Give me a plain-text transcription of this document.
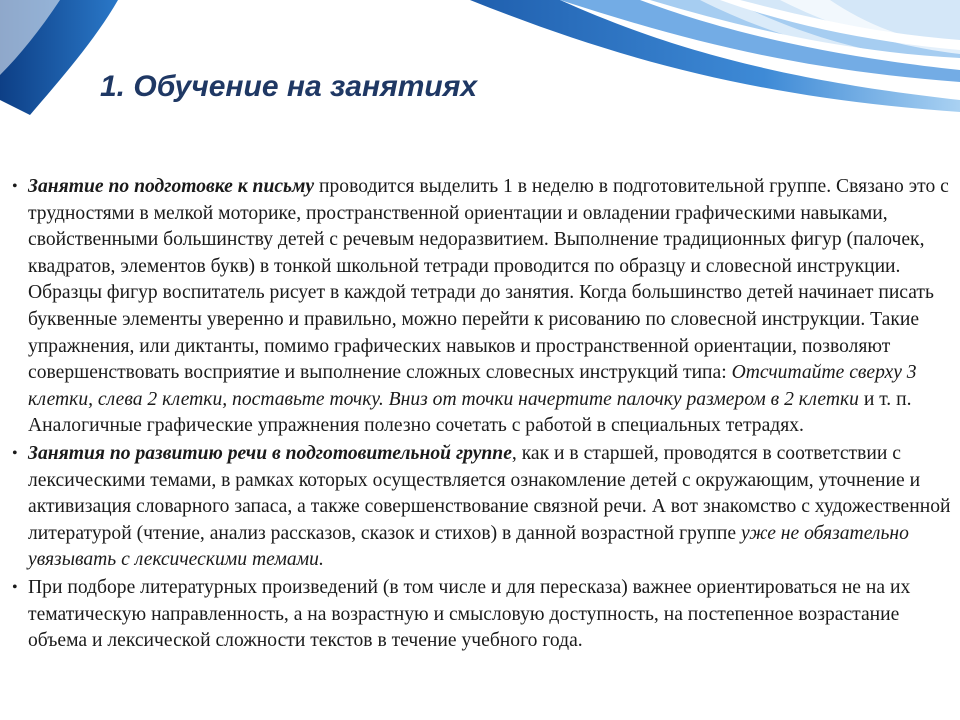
1. Обучение на занятиях
• Занятие по подготовке к письму проводится выделить 1 в неделю в подготовительной группе. Связано это с трудностями в мелкой моторике, пространственной ориентации и овладении графическими навыками, свойственными большинству детей с речевым недоразвитием. Выполнение традиционных фигур (палочек, квадратов, элементов букв) в тонкой школьной тетради проводится по образцу и словесной инструкции. Образцы фигур воспитатель рисует в каждой тетради до занятия. Когда большинство детей начинает писать буквенные элементы уверенно и правильно, можно перейти к рисованию по словесной инструкции. Такие упражнения, или диктанты, помимо графических навыков и пространственной ориентации, позволяют совершенствовать восприятие и выполнение сложных словесных инструкций типа: Отсчитайте сверху 3 клетки, слева 2 клетки, поставьте точку. Вниз от точки начертите палочку размером в 2 клетки и т. п. Аналогичные графические упражнения полезно сочетать с работой в специальных тетрадях.
• Занятия по развитию речи в подготовительной группе, как и в старшей, проводятся в соответствии с лексическими темами, в рамках которых осуществляется ознакомление детей с окружающим, уточнение и активизация словарного запаса, а также совершенствование связной речи. А вот знакомство с художественной литературой (чтение, анализ рассказов, сказок и стихов) в данной возрастной группе уже не обязательно увязывать с лексическими темами.
• При подборе литературных произведений (в том числе и для пересказа) важнее ориентироваться не на их тематическую направленность, а на возрастную и смысловую доступность, на постепенное возрастание объема и лексической сложности текстов в течение учебного года.
